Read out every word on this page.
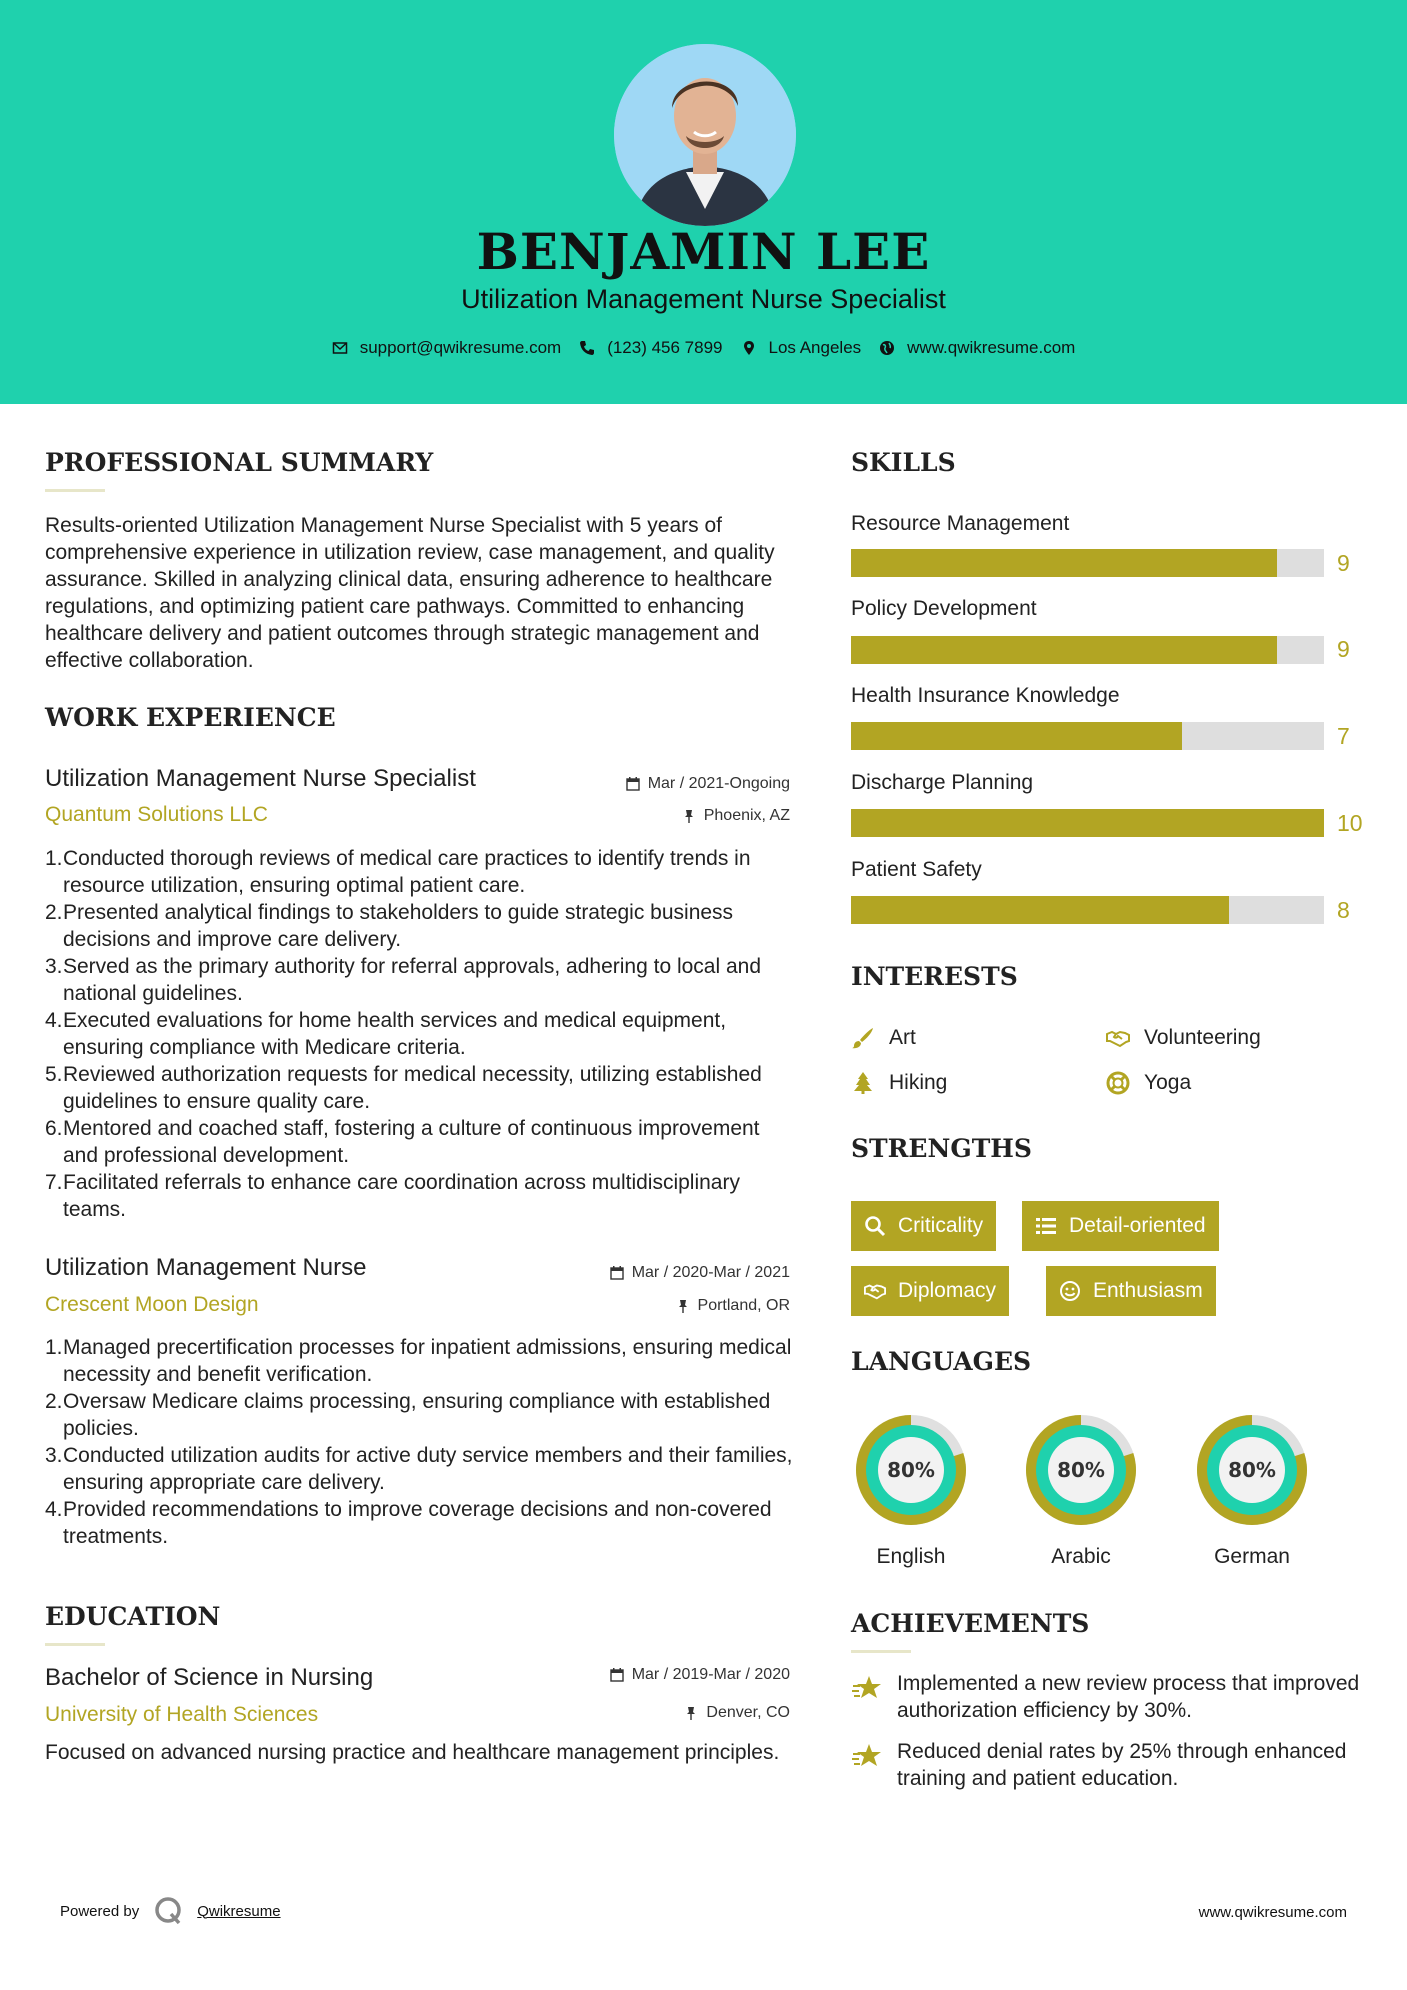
BENJAMIN LEE
Utilization Management Nurse Specialist
support@qwikresume.com	(123) 456 7899	Los Angeles	www.qwikresume.com
PROFESSIONAL SUMMARY
Results-oriented Utilization Management Nurse Specialist with 5 years of comprehensive experience in utilization review, case management, and quality assurance. Skilled in analyzing clinical data, ensuring adherence to healthcare regulations, and optimizing patient care pathways. Committed to enhancing healthcare delivery and patient outcomes through strategic management and effective collaboration.
WORK EXPERIENCE
Utilization Management Nurse Specialist	Mar / 2021-Ongoing
Quantum Solutions LLC	Phoenix, AZ
1. Conducted thorough reviews of medical care practices to identify trends in resource utilization, ensuring optimal patient care.
2. Presented analytical findings to stakeholders to guide strategic business decisions and improve care delivery.
3. Served as the primary authority for referral approvals, adhering to local and national guidelines.
4. Executed evaluations for home health services and medical equipment, ensuring compliance with Medicare criteria.
5. Reviewed authorization requests for medical necessity, utilizing established guidelines to ensure quality care.
6. Mentored and coached staff, fostering a culture of continuous improvement and professional development.
7. Facilitated referrals to enhance care coordination across multidisciplinary teams.
Utilization Management Nurse	Mar / 2020-Mar / 2021
Crescent Moon Design	Portland, OR
1. Managed precertification processes for inpatient admissions, ensuring medical necessity and benefit verification.
2. Oversaw Medicare claims processing, ensuring compliance with established policies.
3. Conducted utilization audits for active duty service members and their families, ensuring appropriate care delivery.
4. Provided recommendations to improve coverage decisions and non-covered treatments.
EDUCATION
Bachelor of Science in Nursing	Mar / 2019-Mar / 2020
University of Health Sciences	Denver, CO
Focused on advanced nursing practice and healthcare management principles.
SKILLS
Resource Management
9
Policy Development
9
Health Insurance Knowledge
7
Discharge Planning
10
Patient Safety
8
INTERESTS
Art	Volunteering
Hiking	Yoga
STRENGTHS
Criticality	Detail-oriented
Diplomacy	Enthusiasm
LANGUAGES
80%
English
80%
Arabic
80%
German
ACHIEVEMENTS
Implemented a new review process that improved authorization efficiency by 30%.
Reduced denial rates by 25% through enhanced training and patient education.
Powered by	Qwikresume	www.qwikresume.com
